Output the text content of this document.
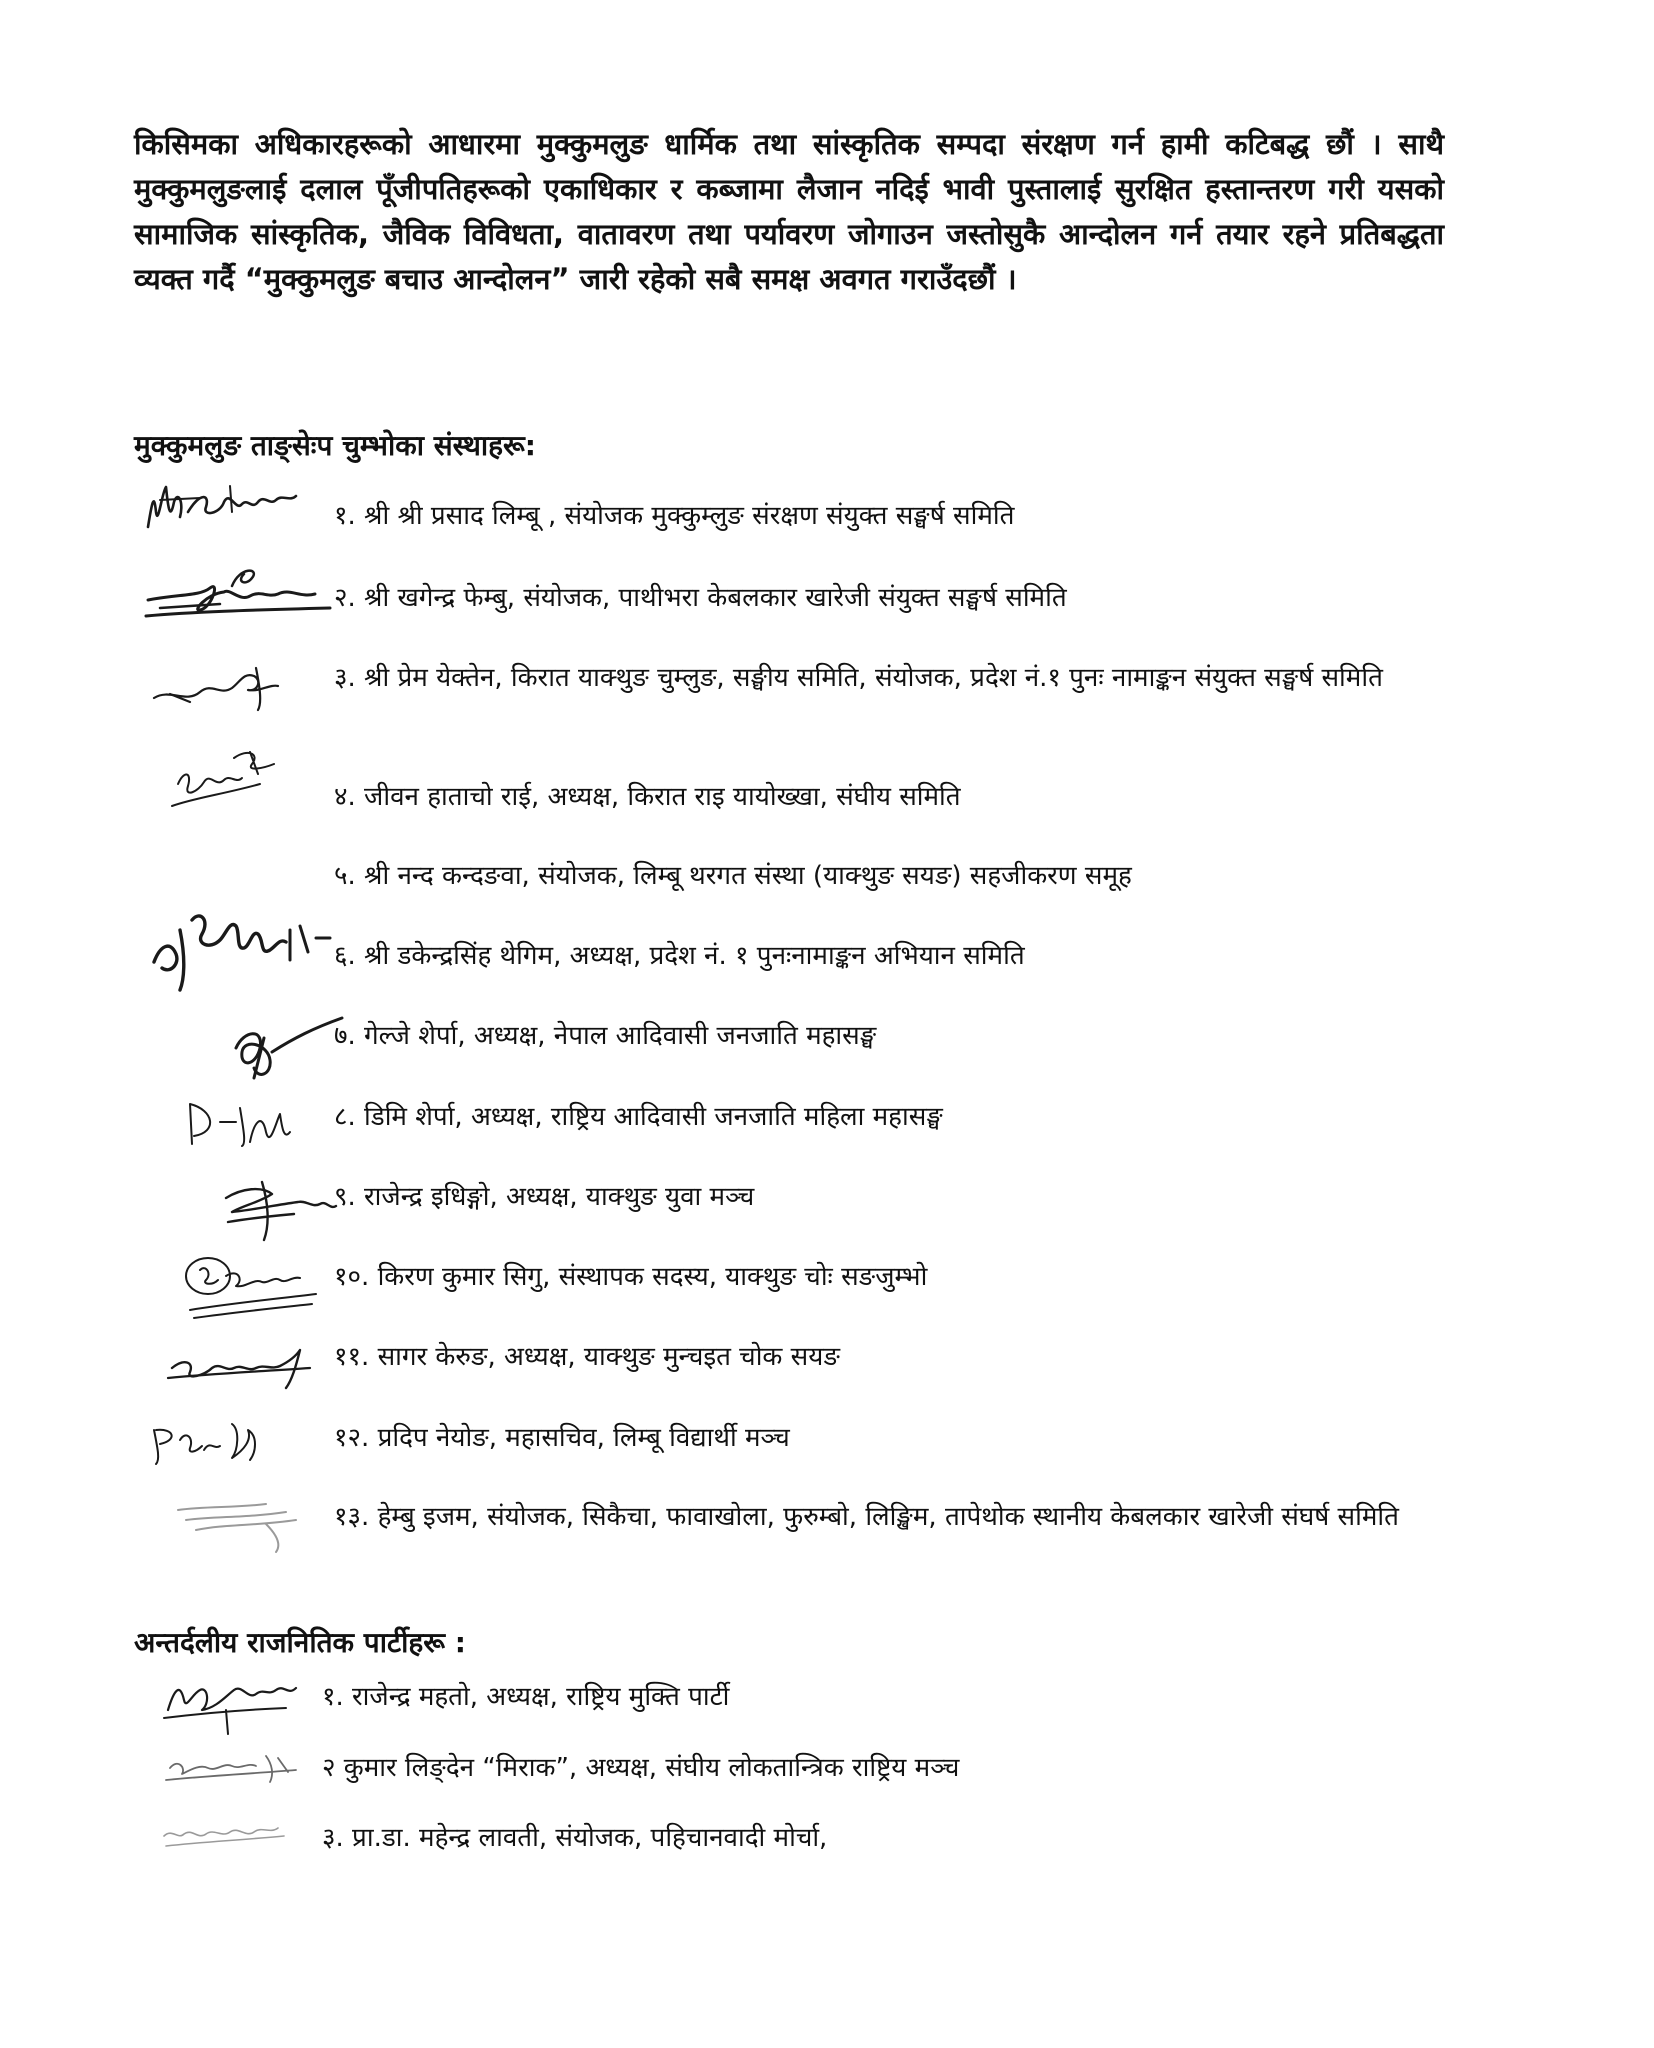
किसिमका अधिकारहरूको आधारमा मुक्कुमलुङ धार्मिक तथा सांस्कृतिक सम्पदा संरक्षण गर्न हामी कटिबद्ध छौं । साथै मुक्कुमलुङलाई दलाल पूँजीपतिहरूको एकाधिकार र कब्जामा लैजान नदिई भावी पुस्तालाई सुरक्षित हस्तान्तरण गरी यसको सामाजिक सांस्कृतिक, जैविक विविधता, वातावरण तथा पर्यावरण जोगाउन जस्तोसुकै आन्दोलन गर्न तयार रहने प्रतिबद्धता व्यक्त गर्दै “मुक्कुमलुङ बचाउ आन्दोलन” जारी रहेको सबै समक्ष अवगत गराउँदछौं ।

मुक्कुमलुङ ताङ्सेःप चुम्भोका संस्थाहरू:

१. श्री श्री प्रसाद लिम्बू , संयोजक मुक्कुम्लुङ संरक्षण संयुक्त सङ्घर्ष समिति

२. श्री खगेन्द्र फेम्बु, संयोजक, पाथीभरा केबलकार खारेजी संयुक्त सङ्घर्ष समिति

३. श्री प्रेम येक्तेन, किरात याक्थुङ चुम्लुङ, सङ्घीय समिति, संयोजक, प्रदेश नं.१ पुनः नामाङ्कन संयुक्त सङ्घर्ष समिति

४. जीवन हाताचो राई, अध्यक्ष, किरात राइ यायोख्खा, संघीय समिति

५. श्री नन्द कन्दङवा, संयोजक, लिम्बू थरगत संस्था (याक्थुङ सयङ) सहजीकरण समूह

६. श्री डकेन्द्रसिंह थेगिम, अध्यक्ष, प्रदेश नं. १ पुनःनामाङ्कन अभियान समिति

७. गेल्जे शेर्पा, अध्यक्ष, नेपाल आदिवासी जनजाति महासङ्घ

८. डिमि शेर्पा, अध्यक्ष, राष्ट्रिय आदिवासी जनजाति महिला महासङ्घ

९. राजेन्द्र इधिङ्गो, अध्यक्ष, याक्थुङ युवा मञ्च

१०. किरण कुमार सिगु, संस्थापक सदस्य, याक्थुङ चोः सङजुम्भो

११. सागर केरुङ, अध्यक्ष, याक्थुङ मुन्चइत चोक सयङ

१२. प्रदिप नेयोङ, महासचिव, लिम्बू विद्यार्थी मञ्च

१३. हेम्बु इजम, संयोजक, सिकैचा, फावाखोला, फुरुम्बो, लिङ्खिम, तापेथोक स्थानीय केबलकार खारेजी संघर्ष समिति

अन्तर्दलीय राजनितिक पार्टीहरू :

१. राजेन्द्र महतो, अध्यक्ष, राष्ट्रिय मुक्ति पार्टी

२ कुमार लिङ्देन “मिराक”, अध्यक्ष, संघीय लोकतान्त्रिक राष्ट्रिय मञ्च

३. प्रा.डा. महेन्द्र लावती, संयोजक, पहिचानवादी मोर्चा,
